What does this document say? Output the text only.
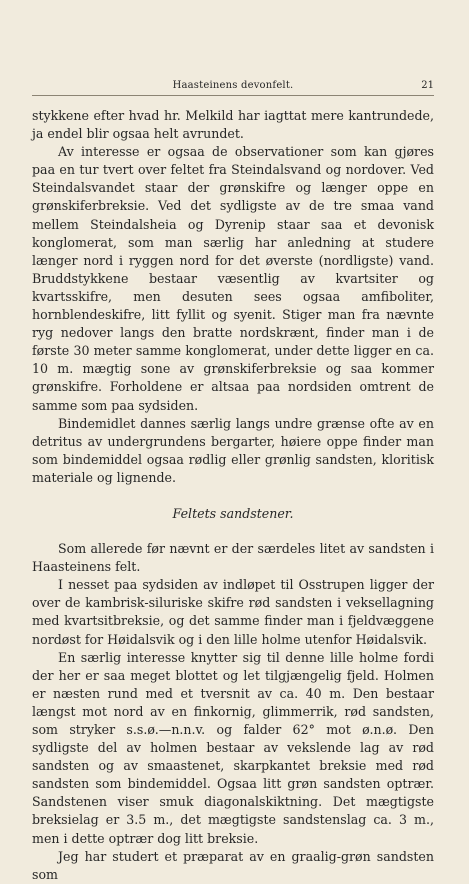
Haasteinens devonfelt.	21

stykkene efter hvad hr. Melkild har iagttat mere kantrundede, ja endel blir ogsaa helt avrundet.

Av interesse er ogsaa de observationer som kan gjøres paa en tur tvert over feltet fra Steindalsvand og nordover. Ved Steindalsvandet staar der grønskifre og længer oppe en grønskiferbreksie. Ved det sydligste av de tre smaa vand mellem Steindalsheia og Dyrenip staar saa et devonisk konglomerat, som man særlig har anledning at studere længer nord i ryggen nord for det øverste (nordligste) vand. Bruddstykkene bestaar væsentlig av kvartsiter og kvartsskifre, men desuten sees ogsaa amfiboliter, hornblendeskifre, litt fyllit og syenit. Stiger man fra nævnte ryg nedover langs den bratte nordskrænt, finder man i de første 30 meter samme konglomerat, under dette ligger en ca. 10 m. mægtig sone av grønskiferbreksie og saa kommer grønskifre. Forholdene er altsaa paa nordsiden omtrent de samme som paa sydsiden.

Bindemidlet dannes særlig langs undre grænse ofte av en detritus av undergrundens bergarter, høiere oppe finder man som bindemiddel ogsaa rødlig eller grønlig sandsten, kloritisk materiale og lignende.

Feltets sandstener.

Som allerede før nævnt er der særdeles litet av sandsten i Haasteinens felt.

I nesset paa sydsiden av indløpet til Osstrupen ligger der over de kambrisk-siluriske skifre rød sandsten i veksellagning med kvartsitbreksie, og det samme finder man i fjeldvæggene nordøst for Høidalsvik og i den lille holme utenfor Høidalsvik.

En særlig interesse knytter sig til denne lille holme fordi der her er saa meget blottet og let tilgjængelig fjeld. Holmen er næsten rund med et tversnit av ca. 40 m. Den bestaar længst mot nord av en finkornig, glimmerrik, rød sandsten, som stryker s.s.ø.—n.n.v. og falder 62° mot ø.n.ø. Den sydligste del av holmen bestaar av vekslende lag av rød sandsten og av smaastenet, skarpkantet breksie med rød sandsten som bindemiddel. Ogsaa litt grøn sandsten optrær. Sandstenen viser smuk diagonalskiktning. Det mægtigste breksielag er 3.5 m., det mægtigste sandstenslag ca. 3 m., men i dette optrær dog litt breksie.

Jeg har studert et præparat av en graalig-grøn sandsten som
